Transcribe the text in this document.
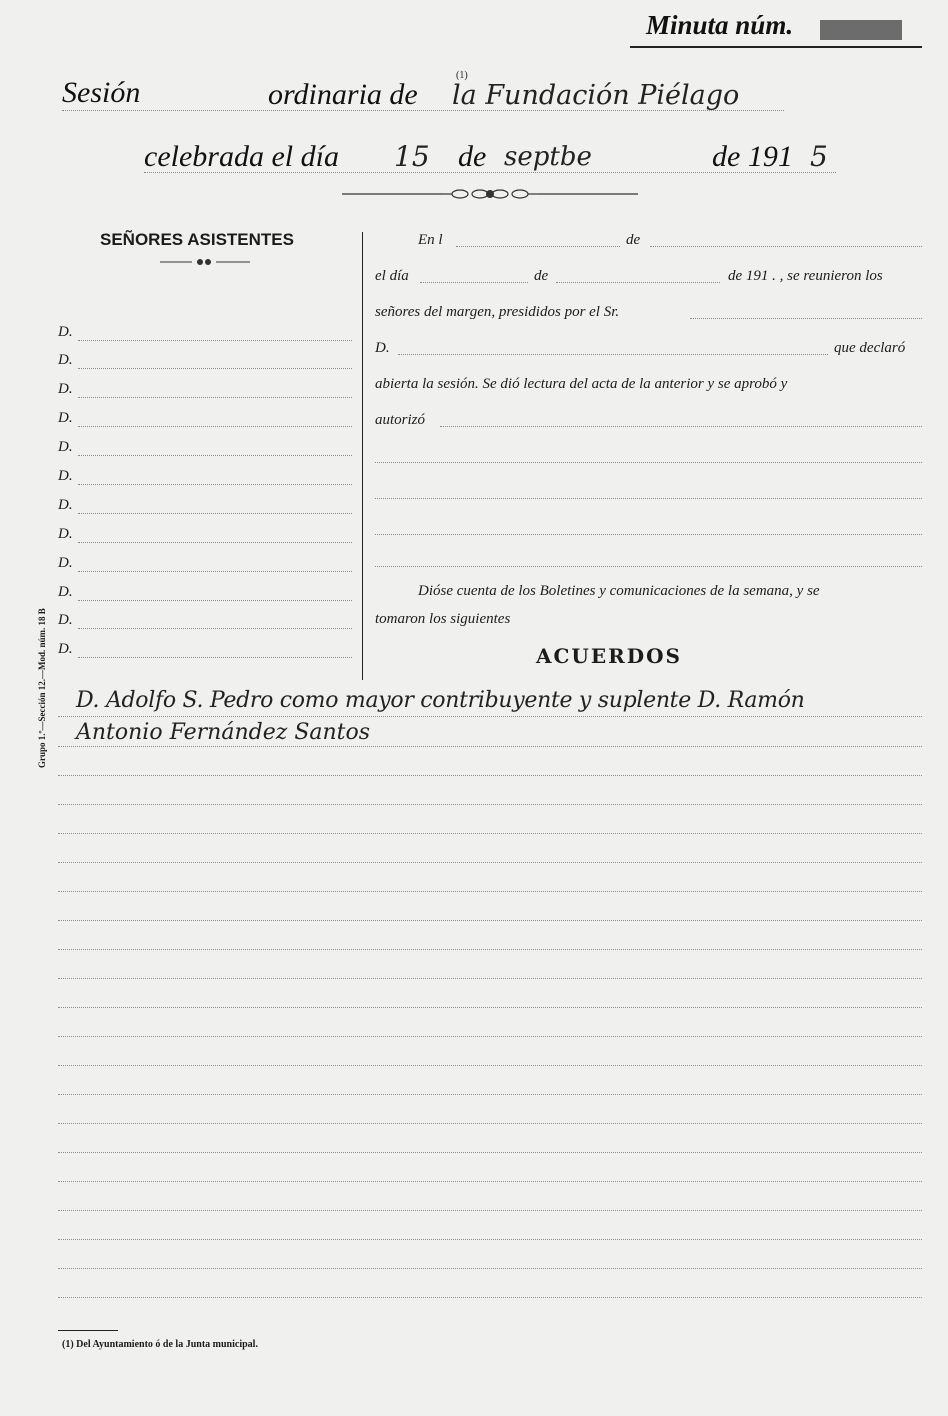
Minuta núm.
Sesión	ordinaria de
(1)
la Fundación Piélago
celebrada el día 15 de septbe	de 191 5
SEÑORES ASISTENTES
D.
D.
D.
D.
D.
D.
D.
D.
D.
D.
D.
D.
En l	de
el día	de	de 191 . , se reunieron los
señores del margen, presididos por el Sr.
D.	que declaró
abierta la sesión. Se dió lectura del acta de la anterior y se aprobó y
autorizó
Dióse cuenta de los Boletines y comunicaciones de la semana, y se
tomaron los siguientes
ACUERDOS
D. Adolfo S. Pedro como mayor contribuyente y suplente D. Ramón
Antonio Fernández Santos
Grupo 1.º—Sección 12.—Mod. núm. 18 B
(1) Del Ayuntamiento ó de la Junta municipal.
